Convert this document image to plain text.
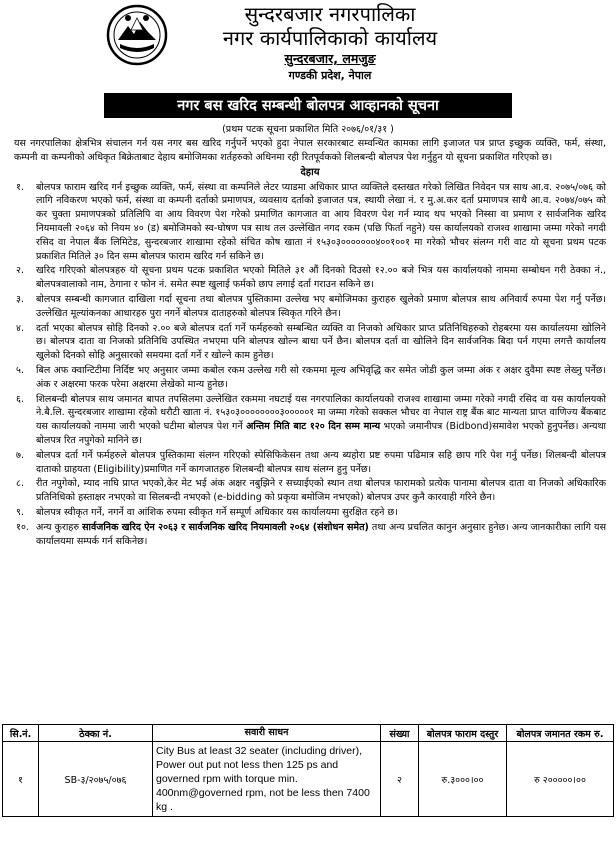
सुन्दरबजार नगरपालिका
नगर कार्यपालिकाको कार्यालय
सुन्दरबजार, लमजुङ
गण्डकी प्रदेश, नेपाल
नगर बस खरिद सम्बन्धी बोलपत्र आव्हानको सूचना
(प्रथम पटक सूचना प्रकाशित मिति २०७६/०१/३१ )

यस नगरपालिका क्षेत्रभित्र संचालन गर्न यस नगर बस खरिद गर्नुपर्ने भएको हुदा नेपाल सरकारबाट सम्वन्धित कामका लागि इजाजत पत्र प्राप्त इच्छुक व्यक्ति, फर्म, संस्था, कम्पनी वा कम्पनीको अधिकृत बिक्रेताबाट देहाय बमोजिमका शर्तहरुको अधिनमा रही रितपूर्वकको शिलबन्दी बोलपत्र पेश गर्नुहुन यो सूचना प्रकाशित गरिएको छ।

देहाय
१.	बोलपत्र फाराम खरिद गर्न इच्छुक व्यक्ति, फर्म, संस्था वा कम्पनिले लेटर प्याडमा अधिकार प्राप्त व्यक्तिले दस्तखत गरेको लिखित निवेदन पत्र साथ आ.व. २०७५/०७६ को लागि नविकरण भएको फर्म, संस्था वा कम्पनी दर्ताको प्रमाणपत्र, व्यवसाय दर्ताको इजाजत पत्र, स्थायी लेखा नं. र मु.अ.कर दर्ता प्रमाणपत्र साथै आ.व. २०७४/०७५ को कर चुक्ता प्रमाणपत्रको प्रतिलिपि वा आय विवरण पेश गरेको प्रमाणित कागजात वा आय विवरण पेश गर्न म्याद थप भएको निस्सा वा प्रमाण र सार्वजनिक खरिद नियमावली २०६४ को नियम ४० (ड) बमोजिमको स्व-घोषण पत्र साथ तल उल्लेखित नगद रकम (पछि फिर्ता नहुने) यस कार्यालयको राजश्व शाखामा जम्मा गरेको नगदी रसिद वा नेपाल बैंक लिमिटेड, सुन्दरबजार शाखामा रहेको संचित कोष खाता नं १५३०३०००००००४००१००१ मा गरेको भौचर संलग्न गरी वाट यो सूचना प्रथम पटक प्रकाशित मितिले ३० दिन सम्म बोलपत्र फाराम खरिद गर्न सकिने छ।
२.	खरिद गरिएको बोलपत्रहरु यो सूचना प्रथम पटक प्रकाशित भएको मितिले ३१ औं दिनको दिउसो १२.०० बजे भित्र यस कार्यालयको नाममा सम्बोधन गरी ठेक्का नं., बोलपत्रवालाको नाम, ठेगाना र फोन नं. समेत स्पष्ट खुलाई फर्मको छाप लगाई दर्ता गराउन सकिने छ।
३.	बोलपत्र सम्बन्धी कागजात दाखिला गर्दा सूचना तथा बोलपत्र पुस्तिकामा उल्लेख भए बमोजिमका कुराहरु खुलेको प्रमाण बोलपत्र साथ अनिवार्य रुपमा पेश गर्नु पर्नेछ। उल्लेखित मूल्यांकनका आधारहरु पुरा नगर्ने बोलपत्र दाताहरुको बोलपत्र स्विकृत गरिने छैन।
४.	दर्ता भएका बोलपत्र सोहि दिनको २.०० बजे बोलपत्र दर्ता गर्ने फर्महरुको सम्बन्धित व्यक्ति वा निजको अधिकार प्राप्त प्रतिनिधिहरुको रोहबरमा यस कार्यालयमा खोलिने छ। बोलपत्र दाता वा निजको प्रतिनिधि उपस्थित नभएमा पनि बोलपत्र खोल्न बाधा पर्ने छैन। बोलपत्र दर्ता वा खोलिने दिन सार्वजनिक बिदा पर्न गएमा लगत्तै कार्यालय खुलेको दिनको सोहि अनुसारको समयमा दर्ता गर्ने र खोल्ने काम हुनेछ।
५.	बिल अफ क्वान्टिटीमा निर्दिष्ट भए अनुसार जम्मा कबोल रकम उल्लेख गरी सो रकममा मूल्य अभिवृद्धि कर समेत जोडी कुल जम्मा अंक र अक्षर दुवैमा स्पष्ट लेख्नु पर्नेछ। अंक र अक्षरमा फरक परेमा अक्षरमा लेखेको मान्य हुनेछ।
६.	शिलबन्दी बोलपत्र साथ जमानत बापत तपसिलमा उल्लेखित रकममा नघटाई यस नगरपालिका कार्यालयको राजश्व शाखामा जम्मा गरेको नगदी रसिद वा यस कार्यालयको ने.बै.लि. सुन्दरबजार शाखामा रहेको धरौटी खाता नं. १५३०३००००००००३०००००१ मा जम्मा गरेको सक्कल भौचर वा नेपाल राष्ट्र बैंक बाट मान्यता प्राप्त वाणिज्य बैंकबाट यस कार्यालयको नाममा जारी भएको घटीमा बोलपत्र पेश गर्ने अन्तिम मिति बाट १२० दिन सम्म मान्य भएको जमानीपत्र (Bidbond)समावेश भएको हुनुपर्नेछ। अन्यथा बोलपत्र रित नपुगेको मानिने छ।
७.	बोलपत्र दर्ता गर्ने फर्महरुले बोलपत्र पुस्तिकामा संलग्न गरिएको स्पेसिफिकेसन तथा अन्य ब्यहोरा प्रष्ट रुपमा पढिमात्र सहि छाप गरि पेश गर्नु पर्नेछ। शिलबन्दी बोलपत्र दाताको ग्राहयता (Eligibility)प्रमाणित गर्ने कागजातहरु शिलबन्दी बोलपत्र साथ संलग्न हुनु पर्नेछ।
८.	रीत नपुगेको, म्याद नाघि प्राप्त भएको,केर मेट भई अंक अक्षर नबुझिने र सच्याईएको स्थान तथा बोलपत्र फारामको प्रत्येक पानामा बोलपत्र दाता वा निजको अधिकारिक प्रतिनिधिको हस्ताक्षर नभएको वा सिलबन्दी नभएको (e-bidding को प्रकृया बमोजिम नभएको) बोलपत्र उपर कुनै कारवाही गरिने छैन।
९.	बोलपत्र स्वीकृत गर्ने, नगर्ने वा आंशिक रुपमा स्वीकृत गर्ने सम्पूर्ण अधिकार यस कार्यालयमा सुरक्षित रहने छ।
१०. अन्य कुराहरु सार्वजनिक खरिद ऐन २०६३ र सार्वजनिक खरिद नियमावली २०६४ (संशोधन समेत) तथा अन्य प्रचलित कानुन अनुसार हुनेछ। अन्य जानकारीका लागि यस कार्यालयमा सम्पर्क गर्न सकिनेछ।
सि.नं.	ठेक्का नं.	सवारी साधन	संख्या	बोलपत्र फाराम दस्तुर	बोलपत्र जमानत रकम रु.
१	SB-३/२०७५/०७६	City Bus at least 32 seater (including driver), Power out put not less then 125 ps and governed rpm with torque min. 400nm@governed rpm, not be less then 7400 kg .	२	रु.३०००।००	रु २०००००।००
